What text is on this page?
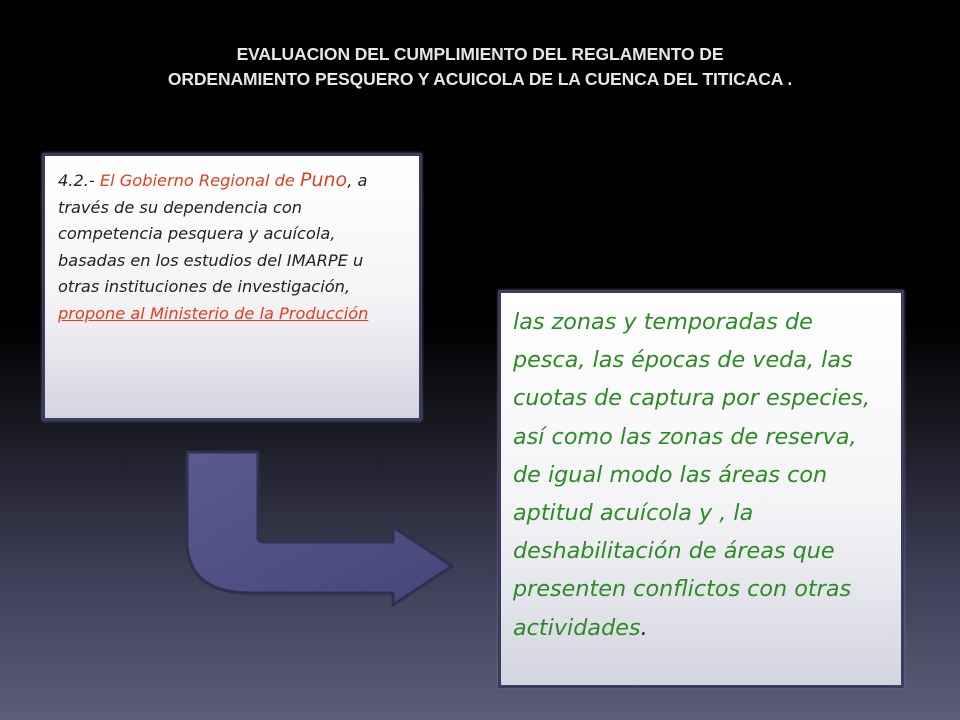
EVALUACION DEL CUMPLIMIENTO DEL REGLAMENTO DE
ORDENAMIENTO PESQUERO Y ACUICOLA DE LA CUENCA DEL TITICACA .
4.2.- El Gobierno Regional de Puno, a través de su dependencia con competencia pesquera y acuícola, basadas en los estudios del IMARPE u otras instituciones de investigación, propone al Ministerio de la Producción	las zonas y temporadas de pesca, las épocas de veda, las cuotas de captura por especies, así como las zonas de reserva, de igual modo las áreas con aptitud acuícola y , la deshabilitación de áreas que presenten conflictos con otras actividades.
